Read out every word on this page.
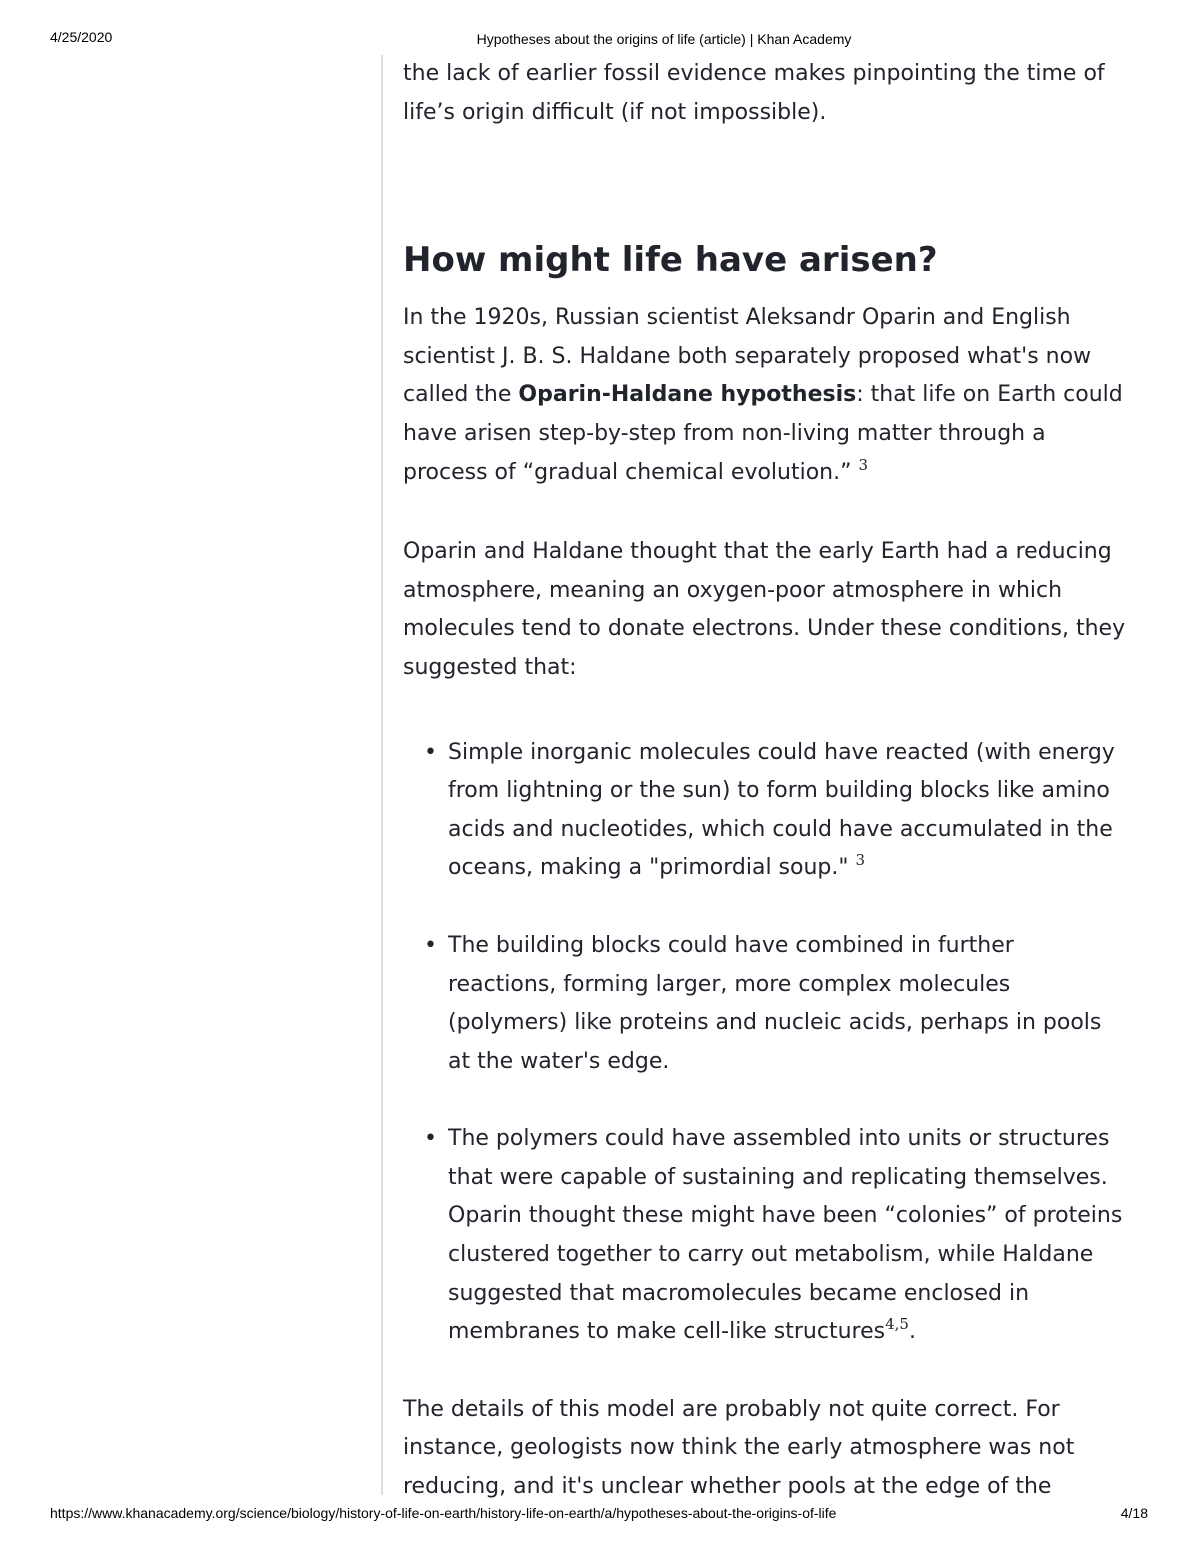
4/25/2020	Hypotheses about the origins of life (article) | Khan Academy

the lack of earlier fossil evidence makes pinpointing the time of life’s origin difficult (if not impossible).

How might life have arisen?

In the 1920s, Russian scientist Aleksandr Oparin and English scientist J. B. S. Haldane both separately proposed what's now called the Oparin-Haldane hypothesis: that life on Earth could have arisen step-by-step from non-living matter through a process of “gradual chemical evolution.” $^3$

Oparin and Haldane thought that the early Earth had a reducing atmosphere, meaning an oxygen-poor atmosphere in which molecules tend to donate electrons. Under these conditions, they suggested that:

• Simple inorganic molecules could have reacted (with energy from lightning or the sun) to form building blocks like amino acids and nucleotides, which could have accumulated in the oceans, making a "primordial soup." $^3$
• The building blocks could have combined in further reactions, forming larger, more complex molecules (polymers) like proteins and nucleic acids, perhaps in pools at the water's edge.
• The polymers could have assembled into units or structures that were capable of sustaining and replicating themselves. Oparin thought these might have been “colonies” of proteins clustered together to carry out metabolism, while Haldane suggested that macromolecules became enclosed in membranes to make cell-like structures$^{4,5}$.

The details of this model are probably not quite correct. For instance, geologists now think the early atmosphere was not reducing, and it's unclear whether pools at the edge of the

https://www.khanacademy.org/science/biology/history-of-life-on-earth/history-life-on-earth/a/hypotheses-about-the-origins-of-life	4/18
